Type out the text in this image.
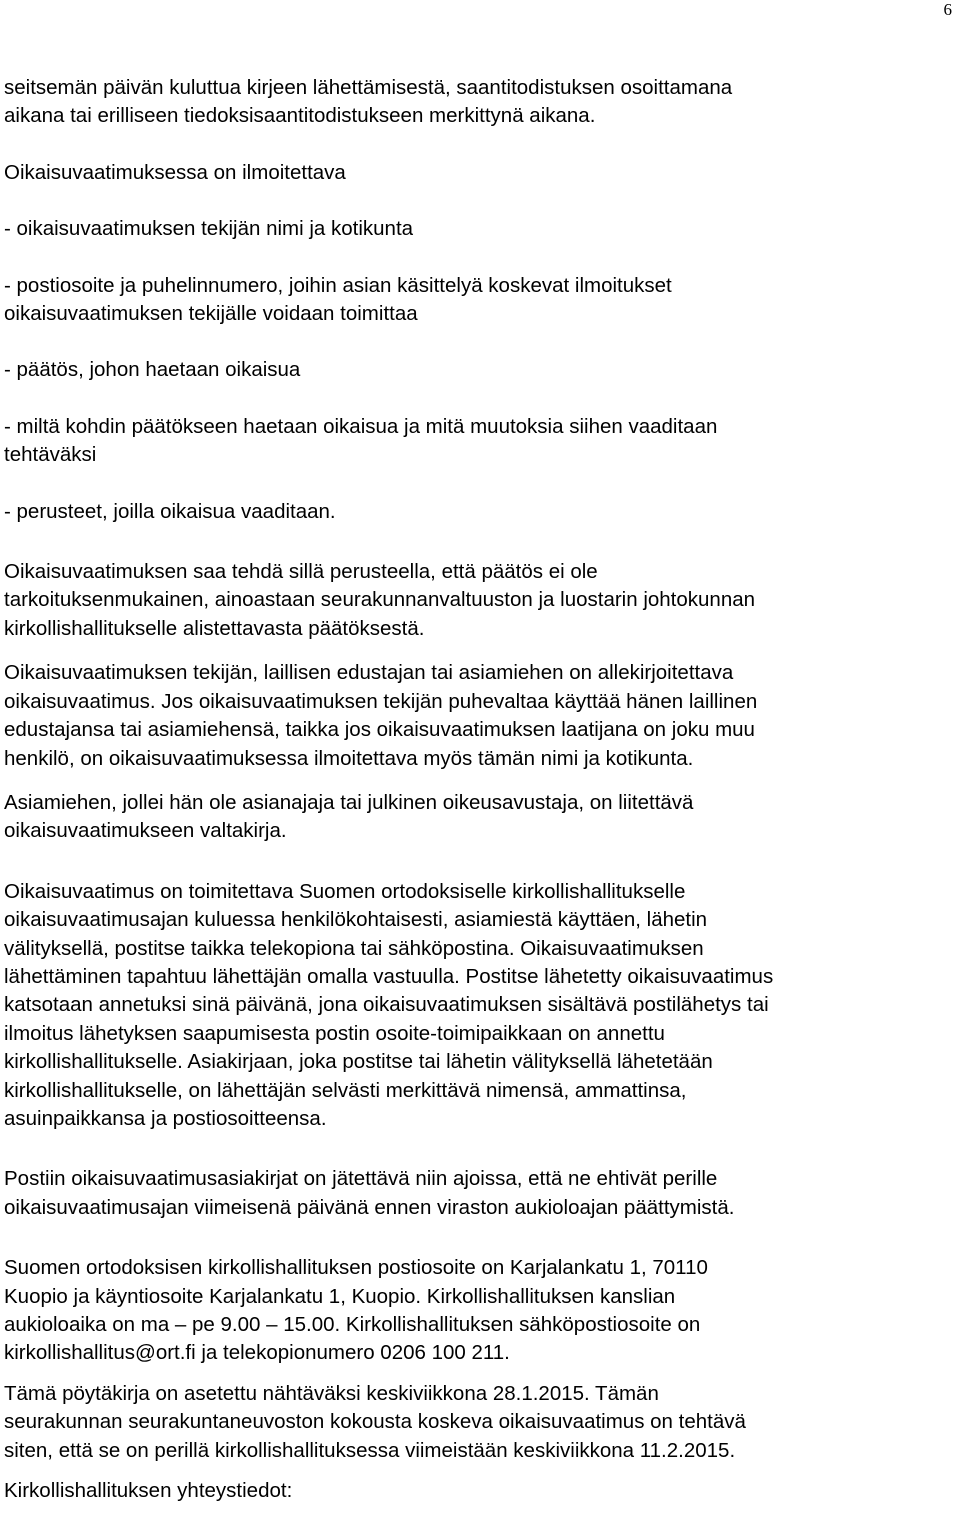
6

seitsemän päivän kuluttua kirjeen lähettämisestä, saantitodistuksen osoittamana
aikana tai erilliseen tiedoksisaantitodistukseen merkittynä aikana.

Oikaisuvaatimuksessa on ilmoitettava

- oikaisuvaatimuksen tekijän nimi ja kotikunta

- postiosoite ja puhelinnumero, joihin asian käsittelyä koskevat ilmoitukset
oikaisuvaatimuksen tekijälle voidaan toimittaa

- päätös, johon haetaan oikaisua

- miltä kohdin päätökseen haetaan oikaisua ja mitä muutoksia siihen vaaditaan
tehtäväksi

- perusteet, joilla oikaisua vaaditaan.

Oikaisuvaatimuksen saa tehdä sillä perusteella, että päätös ei ole
tarkoituksenmukainen, ainoastaan seurakunnanvaltuuston ja luostarin johtokunnan
kirkollishallitukselle alistettavasta päätöksestä.

Oikaisuvaatimuksen tekijän, laillisen edustajan tai asiamiehen on allekirjoitettava
oikaisuvaatimus. Jos oikaisuvaatimuksen tekijän puhevaltaa käyttää hänen laillinen
edustajansa tai asiamiehensä, taikka jos oikaisuvaatimuksen laatijana on joku muu
henkilö, on oikaisuvaatimuksessa ilmoitettava myös tämän nimi ja kotikunta.

Asiamiehen, jollei hän ole asianajaja tai julkinen oikeusavustaja, on liitettävä
oikaisuvaatimukseen valtakirja.

Oikaisuvaatimus on toimitettava Suomen ortodoksiselle kirkollishallitukselle
oikaisuvaatimusajan kuluessa henkilökohtaisesti, asiamiestä käyttäen, lähetin
välityksellä, postitse taikka telekopiona tai sähköpostina. Oikaisuvaatimuksen
lähettäminen tapahtuu lähettäjän omalla vastuulla. Postitse lähetetty oikaisuvaatimus
katsotaan annetuksi sinä päivänä, jona oikaisuvaatimuksen sisältävä postilähetys tai
ilmoitus lähetyksen saapumisesta postin osoite-toimipaikkaan on annettu
kirkollishallitukselle. Asiakirjaan, joka postitse tai lähetin välityksellä lähetetään
kirkollishallitukselle, on lähettäjän selvästi merkittävä nimensä, ammattinsa,
asuinpaikkansa ja postiosoitteensa.

Postiin oikaisuvaatimusasiakirjat on jätettävä niin ajoissa, että ne ehtivät perille
oikaisuvaatimusajan viimeisenä päivänä ennen viraston aukioloajan päättymistä.

Suomen ortodoksisen kirkollishallituksen postiosoite on Karjalankatu 1, 70110
Kuopio ja käyntiosoite Karjalankatu 1, Kuopio. Kirkollishallituksen kanslian
aukioloaika on ma – pe 9.00 – 15.00. Kirkollishallituksen sähköpostiosoite on
kirkollishallitus@ort.fi ja telekopionumero 0206 100 211.

Tämä pöytäkirja on asetettu nähtäväksi keskiviikkona 28.1.2015. Tämän
seurakunnan seurakuntaneuvoston kokousta koskeva oikaisuvaatimus on tehtävä
siten, että se on perillä kirkollishallituksessa viimeistään keskiviikkona 11.2.2015.

Kirkollishallituksen yhteystiedot:
